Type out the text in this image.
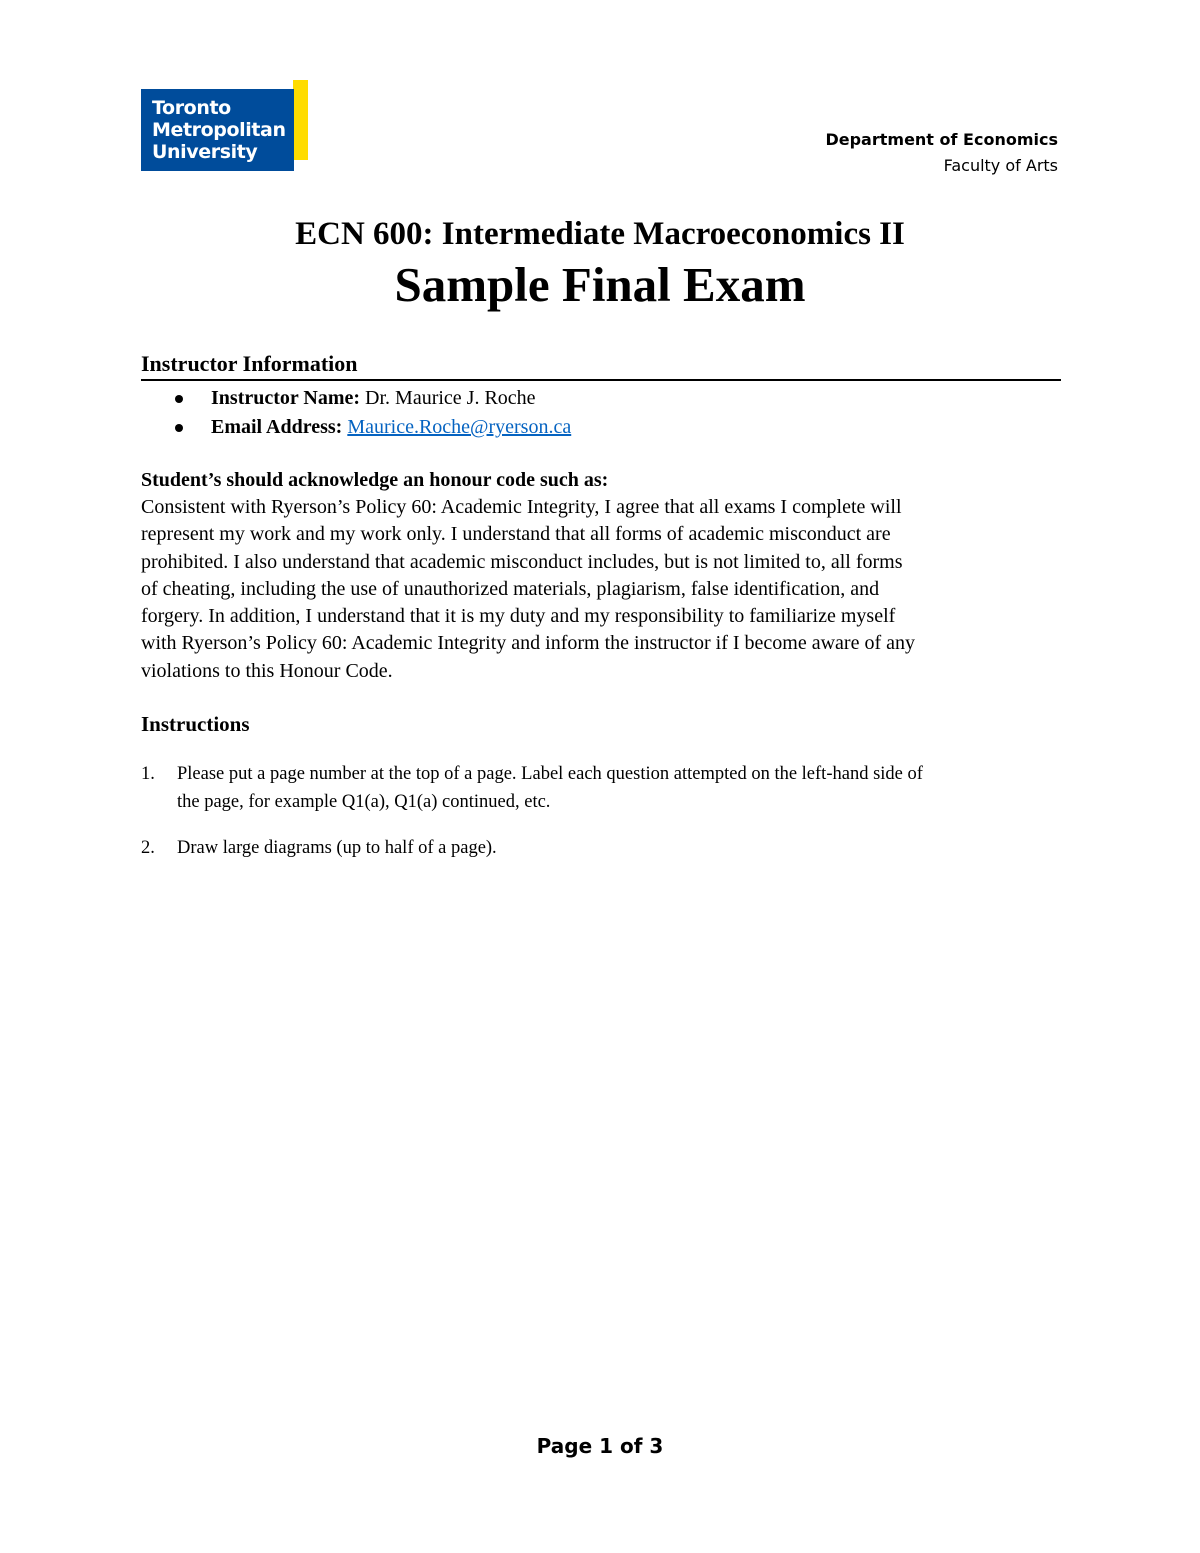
Toronto
Metropolitan
University
Department of Economics
Faculty of Arts
ECN 600: Intermediate Macroeconomics II
Sample Final Exam
Instructor Information
Instructor Name: Dr. Maurice J. Roche
Email Address: Maurice.Roche@ryerson.ca
Student’s should acknowledge an honour code such as:
Consistent with Ryerson’s Policy 60: Academic Integrity, I agree that all exams I complete will
represent my work and my work only. I understand that all forms of academic misconduct are
prohibited. I also understand that academic misconduct includes, but is not limited to, all forms
of cheating, including the use of unauthorized materials, plagiarism, false identification, and
forgery. In addition, I understand that it is my duty and my responsibility to familiarize myself
with Ryerson’s Policy 60: Academic Integrity and inform the instructor if I become aware of any
violations to this Honour Code.
Instructions
1. Please put a page number at the top of a page. Label each question attempted on the left-hand side of
the page, for example Q1(a), Q1(a) continued, etc.
2. Draw large diagrams (up to half of a page).
Page 1 of 3
